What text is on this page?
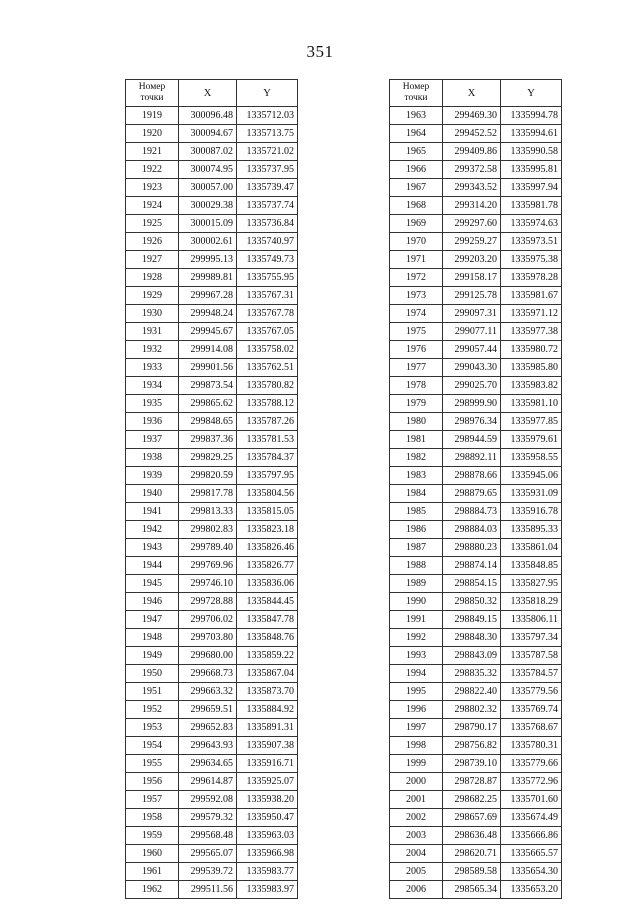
351
Номер
точки	X	Y
1919	300096.48	1335712.03
1920	300094.67	1335713.75
1921	300087.02	1335721.02
1922	300074.95	1335737.95
1923	300057.00	1335739.47
1924	300029.38	1335737.74
1925	300015.09	1335736.84
1926	300002.61	1335740.97
1927	299995.13	1335749.73
1928	299989.81	1335755.95
1929	299967.28	1335767.31
1930	299948.24	1335767.78
1931	299945.67	1335767.05
1932	299914.08	1335758.02
1933	299901.56	1335762.51
1934	299873.54	1335780.82
1935	299865.62	1335788.12
1936	299848.65	1335787.26
1937	299837.36	1335781.53
1938	299829.25	1335784.37
1939	299820.59	1335797.95
1940	299817.78	1335804.56
1941	299813.33	1335815.05
1942	299802.83	1335823.18
1943	299789.40	1335826.46
1944	299769.96	1335826.77
1945	299746.10	1335836.06
1946	299728.88	1335844.45
1947	299706.02	1335847.78
1948	299703.80	1335848.76
1949	299680.00	1335859.22
1950	299668.73	1335867.04
1951	299663.32	1335873.70
1952	299659.51	1335884.92
1953	299652.83	1335891.31
1954	299643.93	1335907.38
1955	299634.65	1335916.71
1956	299614.87	1335925.07
1957	299592.08	1335938.20
1958	299579.32	1335950.47
1959	299568.48	1335963.03
1960	299565.07	1335966.98
1961	299539.72	1335983.77
1962	299511.56	1335983.97
Номер
точки	X	Y
1963	299469.30	1335994.78
1964	299452.52	1335994.61
1965	299409.86	1335990.58
1966	299372.58	1335995.81
1967	299343.52	1335997.94
1968	299314.20	1335981.78
1969	299297.60	1335974.63
1970	299259.27	1335973.51
1971	299203.20	1335975.38
1972	299158.17	1335978.28
1973	299125.78	1335981.67
1974	299097.31	1335971.12
1975	299077.11	1335977.38
1976	299057.44	1335980.72
1977	299043.30	1335985.80
1978	299025.70	1335983.82
1979	298999.90	1335981.10
1980	298976.34	1335977.85
1981	298944.59	1335979.61
1982	298892.11	1335958.55
1983	298878.66	1335945.06
1984	298879.65	1335931.09
1985	298884.73	1335916.78
1986	298884.03	1335895.33
1987	298880.23	1335861.04
1988	298874.14	1335848.85
1989	298854.15	1335827.95
1990	298850.32	1335818.29
1991	298849.15	1335806.11
1992	298848.30	1335797.34
1993	298843.09	1335787.58
1994	298835.32	1335784.57
1995	298822.40	1335779.56
1996	298802.32	1335769.74
1997	298790.17	1335768.67
1998	298756.82	1335780.31
1999	298739.10	1335779.66
2000	298728.87	1335772.96
2001	298682.25	1335701.60
2002	298657.69	1335674.49
2003	298636.48	1335666.86
2004	298620.71	1335665.57
2005	298589.58	1335654.30
2006	298565.34	1335653.20
